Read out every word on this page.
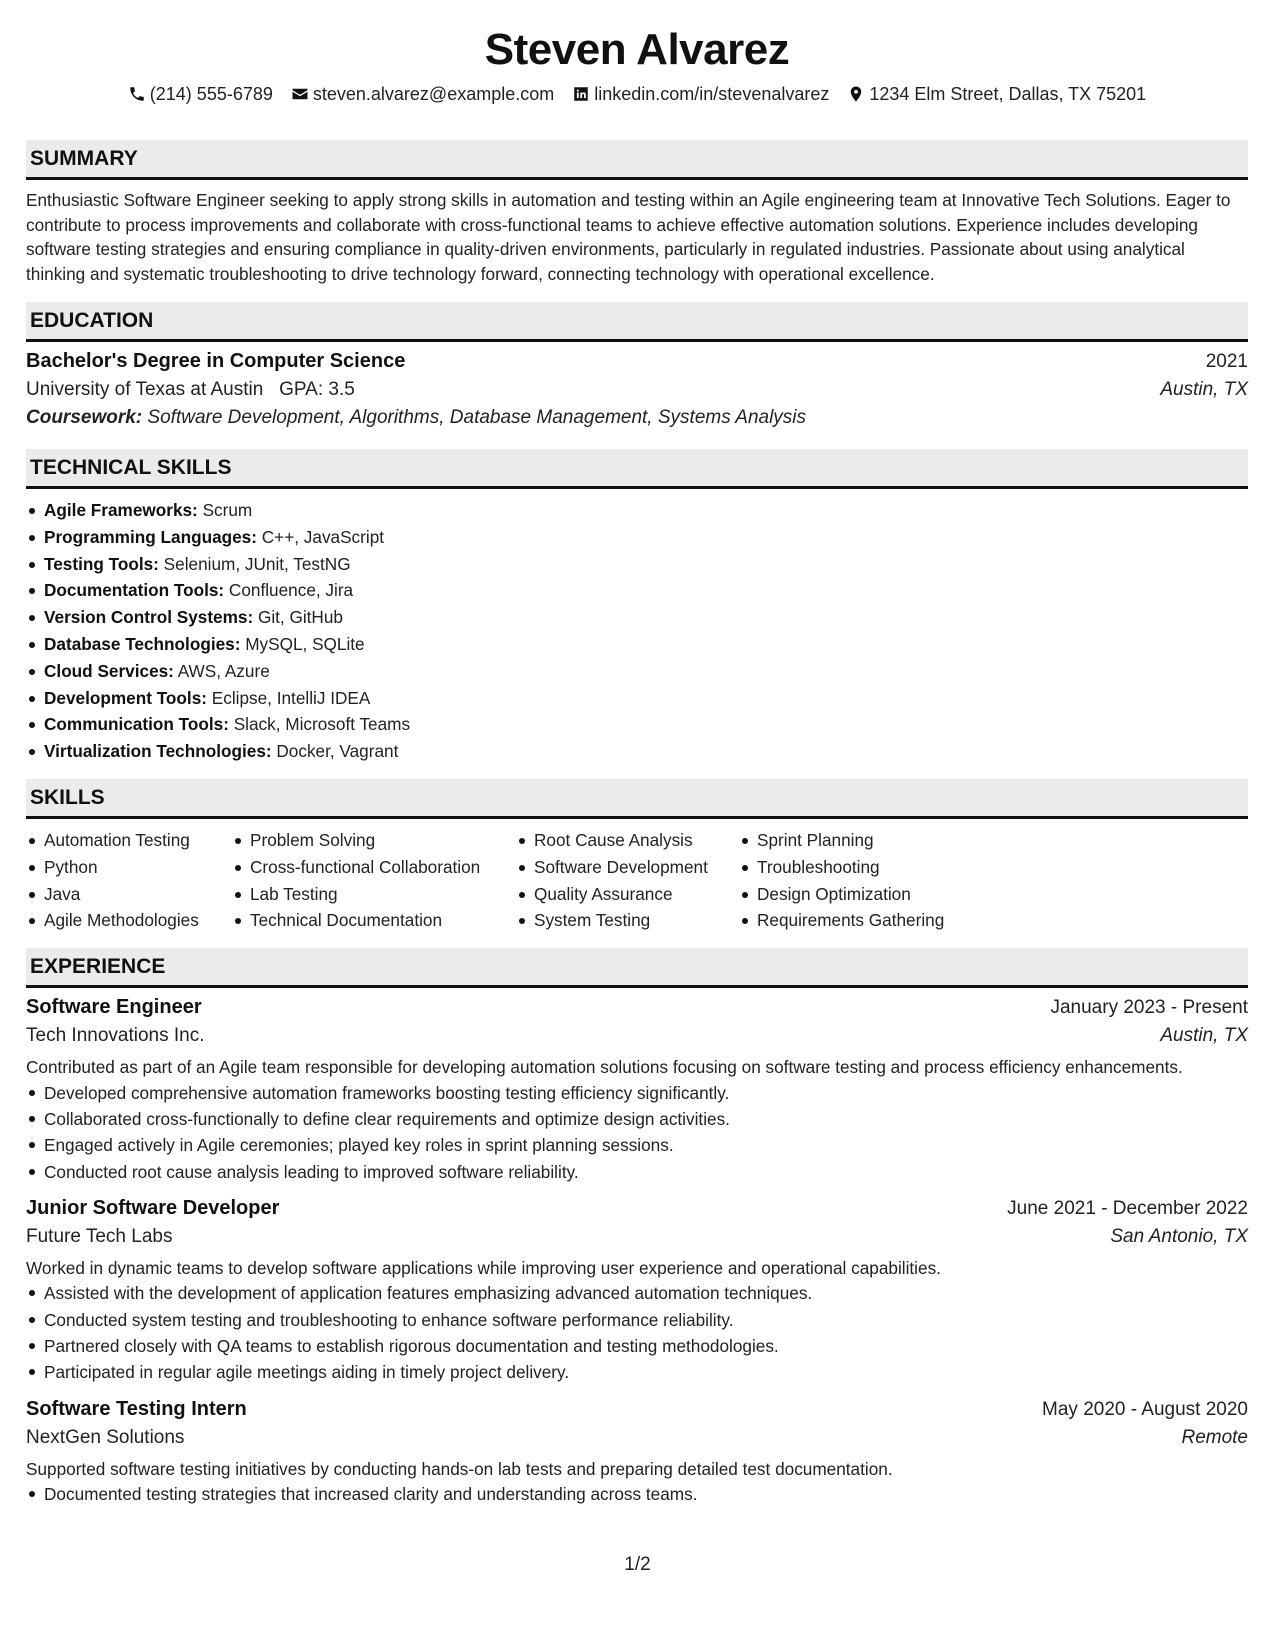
Steven Alvarez
(214) 555-6789 steven.alvarez@example.com linkedin.com/in/stevenalvarez 1234 Elm Street, Dallas, TX 75201
SUMMARY

Enthusiastic Software Engineer seeking to apply strong skills in automation and testing within an Agile engineering team at Innovative Tech Solutions. Eager to contribute to process improvements and collaborate with cross-functional teams to achieve effective automation solutions. Experience includes developing software testing strategies and ensuring compliance in quality-driven environments, particularly in regulated industries. Passionate about using analytical thinking and systematic troubleshooting to drive technology forward, connecting technology with operational excellence.

EDUCATION
Bachelor's Degree in Computer Science	2021
University of Texas at Austin GPA: 3.5	Austin, TX
Coursework: Software Development, Algorithms, Database Management, Systems Analysis
TECHNICAL SKILLS
Agile Frameworks: Scrum
Programming Languages: C++, JavaScript
Testing Tools: Selenium, JUnit, TestNG
Documentation Tools: Confluence, Jira
Version Control Systems: Git, GitHub
Database Technologies: MySQL, SQLite
Cloud Services: AWS, Azure
Development Tools: Eclipse, IntelliJ IDEA
Communication Tools: Slack, Microsoft Teams
Virtualization Technologies: Docker, Vagrant
SKILLS
Automation Testing
Python
Java
Agile Methodologies
Problem Solving
Cross-functional Collaboration
Lab Testing
Technical Documentation
Root Cause Analysis
Software Development
Quality Assurance
System Testing
Sprint Planning
Troubleshooting
Design Optimization
Requirements Gathering
EXPERIENCE
Software Engineer	January 2023 - Present
Tech Innovations Inc.	Austin, TX

Contributed as part of an Agile team responsible for developing automation solutions focusing on software testing and process efficiency enhancements.

Developed comprehensive automation frameworks boosting testing efficiency significantly.
Collaborated cross-functionally to define clear requirements and optimize design activities.
Engaged actively in Agile ceremonies; played key roles in sprint planning sessions.
Conducted root cause analysis leading to improved software reliability.
Junior Software Developer	June 2021 - December 2022
Future Tech Labs	San Antonio, TX

Worked in dynamic teams to develop software applications while improving user experience and operational capabilities.

Assisted with the development of application features emphasizing advanced automation techniques.
Conducted system testing and troubleshooting to enhance software performance reliability.
Partnered closely with QA teams to establish rigorous documentation and testing methodologies.
Participated in regular agile meetings aiding in timely project delivery.
Software Testing Intern	May 2020 - August 2020
NextGen Solutions	Remote

Supported software testing initiatives by conducting hands-on lab tests and preparing detailed test documentation.

Documented testing strategies that increased clarity and understanding across teams.
1/2
